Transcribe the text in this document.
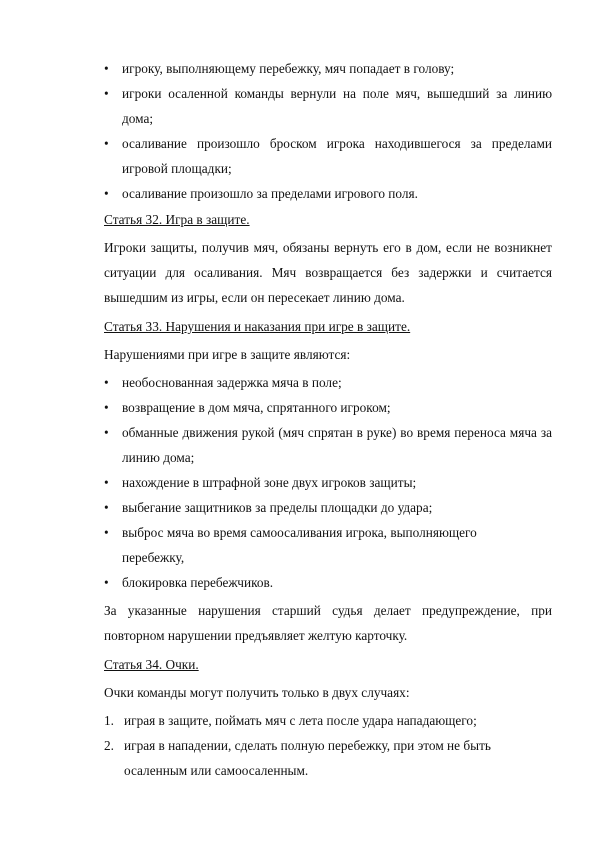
•	игроку, выполняющему перебежку, мяч попадает в голову;
•	игроки осаленной команды вернули на поле мяч, вышедший за линию дома;
•	осаливание произошло броском игрока находившегося за пределами игровой площадки;
•	осаливание произошло за пределами игрового поля.

Статья 32. Игра в защите.

Игроки защиты, получив мяч, обязаны вернуть его в дом, если не возникнет ситуации для осаливания. Мяч возвращается без задержки и считается вышедшим из игры, если он пересекает линию дома.

Статья 33. Нарушения и наказания при игре в защите.

Нарушениями при игре в защите являются:

•	необоснованная задержка мяча в поле;
•	возвращение в дом мяча, спрятанного игроком;
•	обманные движения рукой (мяч спрятан в руке) во время переноса мяча за линию дома;
•	нахождение в штрафной зоне двух игроков защиты;
•	выбегание защитников за пределы площадки до удара;
•	выброс мяча во время самоосаливания игрока, выполняющего перебежку,
•	блокировка перебежчиков.

За указанные нарушения старший судья делает предупреждение, при повторном нарушении предъявляет желтую карточку.

Статья 34. Очки.

Очки команды могут получить только в двух случаях:

1. играя в защите, поймать мяч с лета после удара нападающего;
2. играя в нападении, сделать полную перебежку, при этом не быть осаленным или самоосаленным.
